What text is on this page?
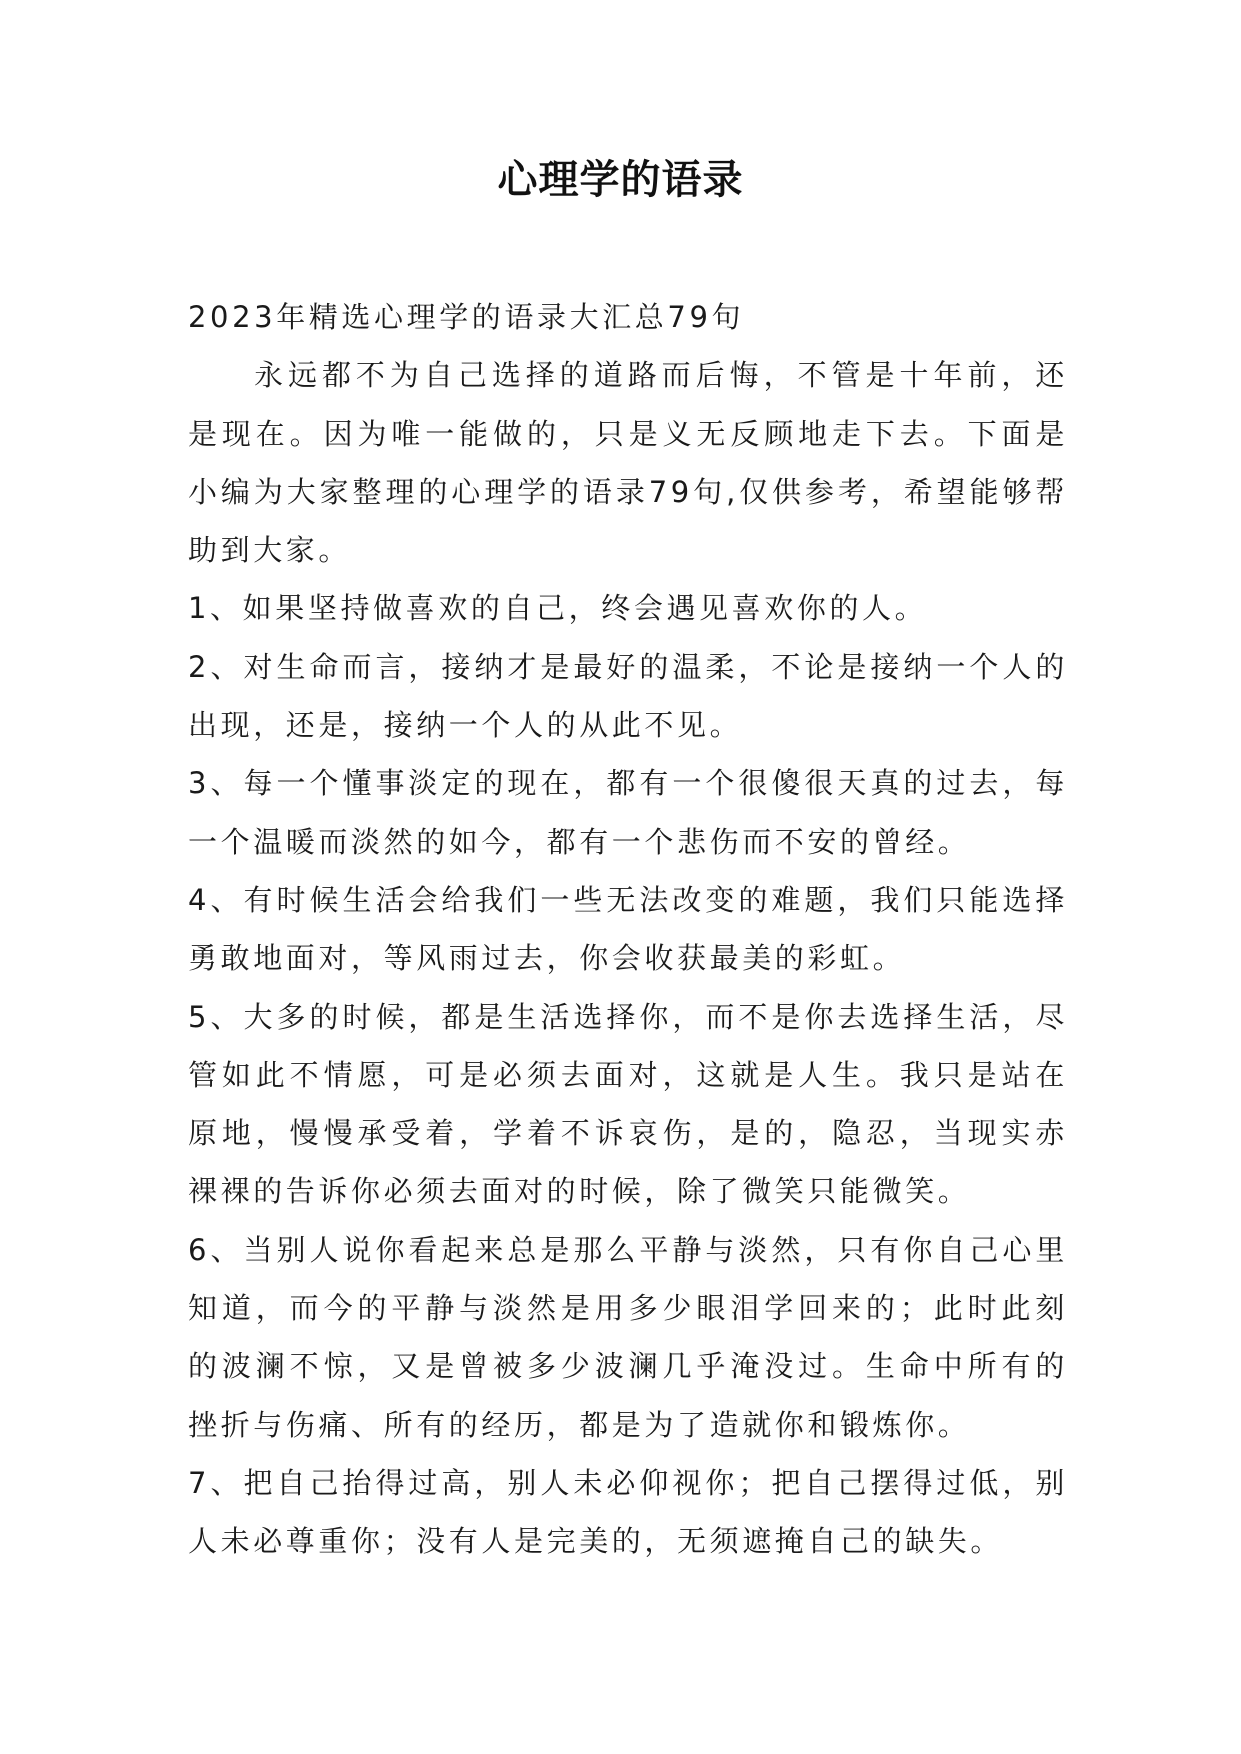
心理学的语录

2023年精选心理学的语录大汇总79句

永远都不为自己选择的道路而后悔，不管是十年前，还是现在。因为唯一能做的，只是义无反顾地走下去。下面是小编为大家整理的心理学的语录79句,仅供参考，希望能够帮助到大家。

1、如果坚持做喜欢的自己，终会遇见喜欢你的人。

2、对生命而言，接纳才是最好的温柔，不论是接纳一个人的出现，还是，接纳一个人的从此不见。

3、每一个懂事淡定的现在，都有一个很傻很天真的过去，每一个温暖而淡然的如今，都有一个悲伤而不安的曾经。

4、有时候生活会给我们一些无法改变的难题，我们只能选择勇敢地面对，等风雨过去，你会收获最美的彩虹。

5、大多的时候，都是生活选择你，而不是你去选择生活，尽管如此不情愿，可是必须去面对，这就是人生。我只是站在原地，慢慢承受着，学着不诉哀伤，是的，隐忍，当现实赤裸裸的告诉你必须去面对的时候，除了微笑只能微笑。

6、当别人说你看起来总是那么平静与淡然，只有你自己心里知道，而今的平静与淡然是用多少眼泪学回来的；此时此刻的波澜不惊，又是曾被多少波澜几乎淹没过。生命中所有的挫折与伤痛、所有的经历，都是为了造就你和锻炼你。

7、把自己抬得过高，别人未必仰视你；把自己摆得过低，别人未必尊重你；没有人是完美的，无须遮掩自己的缺失。
